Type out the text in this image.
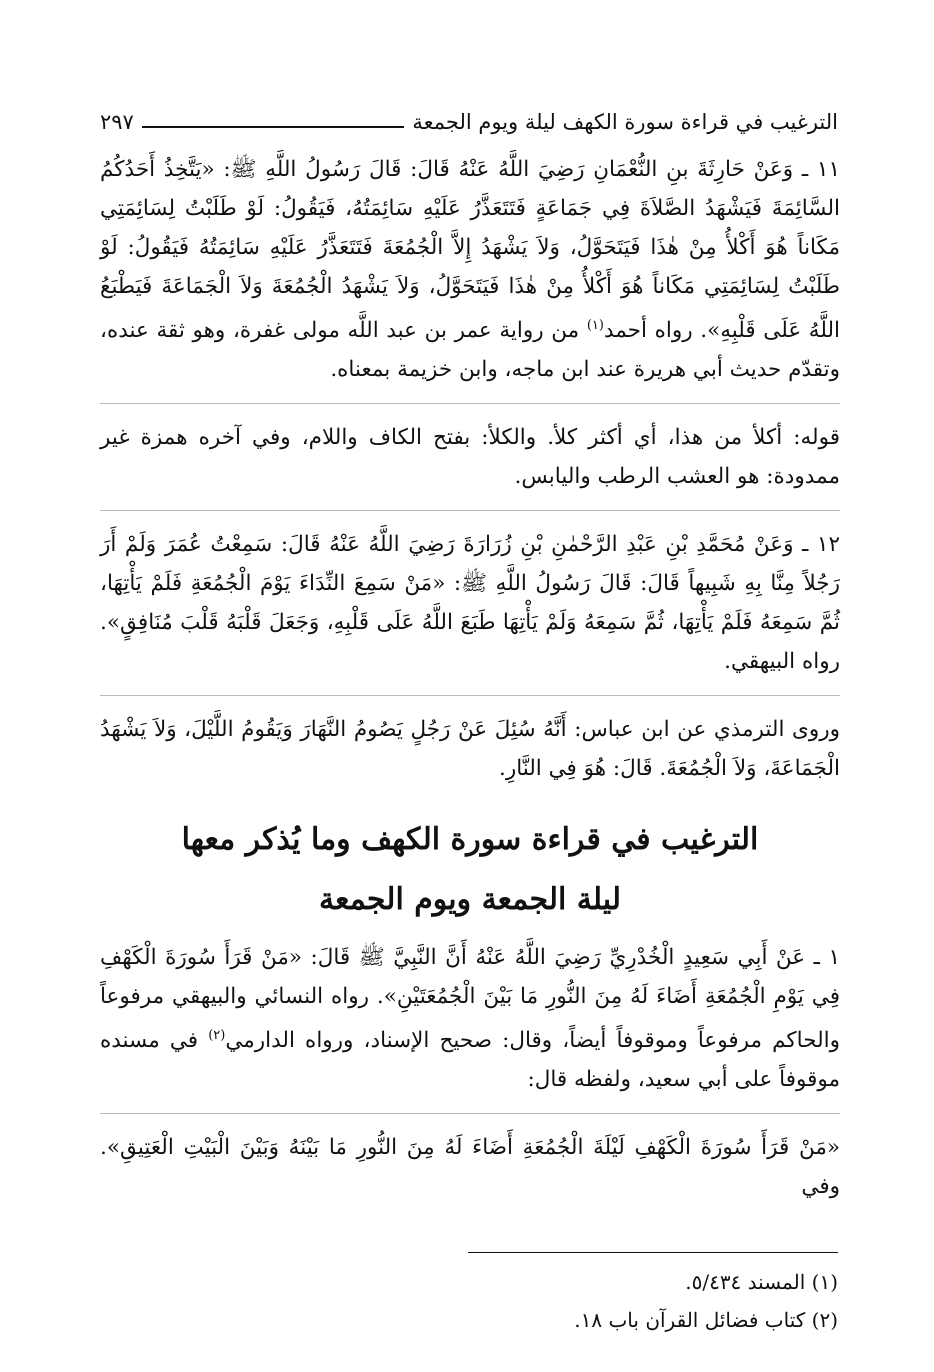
الترغيب في قراءة سورة الكهف ليلة ويوم الجمعة
٢٩٧

١١ ـ وَعَنْ حَارِثَةَ بنِ النُّعْمَانِ رَضِيَ اللَّهُ عَنْهُ قَالَ: قَالَ رَسُولُ اللَّهِ ﷺ: «يَتَّخِذُ أَحَدُكُمُ السَّائِمَةَ فَيَشْهَدُ الصَّلاَةَ فِي جَمَاعَةٍ فَتَتَعَذَّرُ عَلَيْهِ سَائِمَتُهُ، فَيَقُولُ: لَوْ طَلَبْتُ لِسَائِمَتِي مَكَاناً هُوَ أَكْلأُ مِنْ هٰذَا فَيَتَحَوَّلُ، وَلاَ يَشْهَدُ إِلاَّ الْجُمُعَةَ فَتَتَعَذَّرُ عَلَيْهِ سَائِمَتُهُ فَيَقُولُ: لَوْ طَلَبْتُ لِسَائِمَتِي مَكَاناً هُوَ أَكْلأُ مِنْ هٰذَا فَيَتَحَوَّلُ، وَلاَ يَشْهَدُ الْجُمُعَةَ وَلاَ الْجَمَاعَةَ فَيَطْبَعُ اللَّهُ عَلَى قَلْبِهِ». رواه أحمد$^{(١)}$ من رواية عمر بن عبد اللَّه مولى غفرة، وهو ثقة عنده، وتقدّم حديث أبي هريرة عند ابن ماجه، وابن خزيمة بمعناه.

قوله: أكلأ من هذا، أي أكثر كلأ. والكلأ: بفتح الكاف واللام، وفي آخره همزة غير ممدودة: هو العشب الرطب واليابس.

١٢ ـ وَعَنْ مُحَمَّدِ بْنِ عَبْدِ الرَّحْمٰنِ بْنِ زُرَارَةَ رَضِيَ اللَّهُ عَنْهُ قَالَ: سَمِعْتُ عُمَرَ وَلَمْ أَرَ رَجُلاً مِنَّا بِهِ شَبِيهاً قَالَ: قَالَ رَسُولُ اللَّهِ ﷺ: «مَنْ سَمِعَ النِّدَاءَ يَوْمَ الْجُمُعَةِ فَلَمْ يَأْتِهَا، ثُمَّ سَمِعَهُ فَلَمْ يَأْتِهَا، ثُمَّ سَمِعَهُ وَلَمْ يَأْتِهَا طَبَعَ اللَّهُ عَلَى قَلْبِهِ، وَجَعَلَ قَلْبَهُ قَلْبَ مُنَافِقٍ». رواه البيهقي.

وروى الترمذي عن ابن عباس: أَنَّهُ سُئِلَ عَنْ رَجُلٍ يَصُومُ النَّهَارَ وَيَقُومُ اللَّيْلَ، وَلاَ يَشْهَدُ الْجَمَاعَةَ، وَلاَ الْجُمُعَةَ. قَالَ: هُوَ فِي النَّارِ.

الترغيب في قراءة سورة الكهف وما يُذكر معها
ليلة الجمعة ويوم الجمعة

١ ـ عَنْ أَبِي سَعِيدٍ الْخُدْرِيِّ رَضِيَ اللَّهُ عَنْهُ أَنَّ النَّبِيَّ ﷺ قَالَ: «مَنْ قَرَأَ سُورَةَ الْكَهْفِ فِي يَوْمِ الْجُمُعَةِ أَضَاءَ لَهُ مِنَ النُّورِ مَا بَيْنَ الْجُمُعَتَيْنِ». رواه النسائي والبيهقي مرفوعاً والحاكم مرفوعاً وموقوفاً أيضاً، وقال: صحيح الإسناد، ورواه الدارمي$^{(٢)}$ في مسنده موقوفاً على أبي سعيد، ولفظه قال:

«مَنْ قَرَأَ سُورَةَ الْكَهْفِ لَيْلَةَ الْجُمُعَةِ أَضَاءَ لَهُ مِنَ النُّورِ مَا بَيْنَهُ وَبَيْنَ الْبَيْتِ الْعَتِيقِ». وفي

(١) المسند ٥/٤٣٤.
(٢) كتاب فضائل القرآن باب ١٨.
